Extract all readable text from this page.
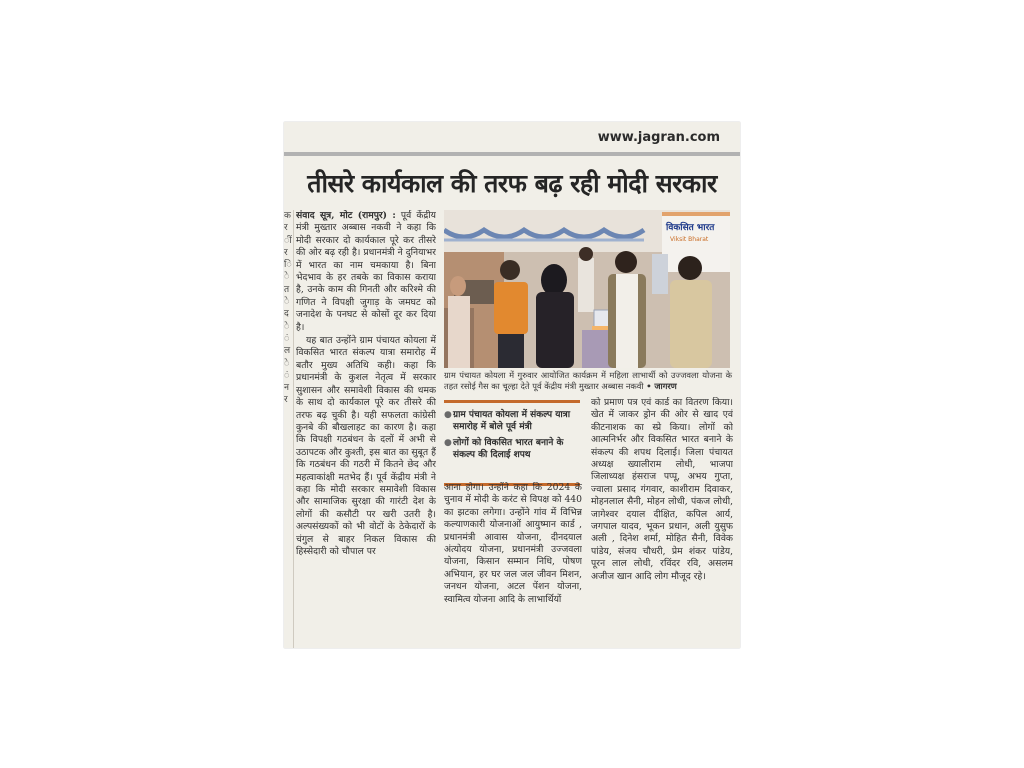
www.jagran.com
तीसरे कार्यकाल की तरफ बढ़ रही मोदी सरकार
क
र
ीं
र
ि
े
त
े
द
े
ं
ल
े
ं
न
र

संवाद सूत्र, मोट (रामपुर) : पूर्व केंद्रीय मंत्री मुख्तार अब्बास नकवी ने कहा कि मोदी सरकार दो कार्यकाल पूरे कर तीसरे की ओर बढ़ रही है। प्रधानमंत्री ने दुनियाभर में भारत का नाम चमकाया है। बिना भेदभाव के हर तबके का विकास कराया है, उनके काम की गिनती और करिश्मे की गणित ने विपक्षी जुगाड़ के जमघट को जनादेश के पनघट से कोसों दूर कर दिया है।

यह बात उन्होंने ग्राम पंचायत कोयला में विकसित भारत संकल्प यात्रा समारोह में बतौर मुख्य अतिथि कही। कहा कि प्रधानमंत्री के कुशल नेतृत्व में सरकार सुशासन और समावेशी विकास की धमक के साथ दो कार्यकाल पूरे कर तीसरे की तरफ बढ़ चुकी है। यही सफलता कांग्रेसी कुनबे की बौखलाहट का कारण है। कहा कि विपक्षी गठबंधन के दलों में अभी से उठापटक और कुश्ती, इस बात का सुबूत हैं कि गठबंधन की गठरी में कितने छेद और महत्वाकांक्षी मतभेद हैं। पूर्व केंद्रीय मंत्री ने कहा कि मोदी सरकार समावेशी विकास और सामाजिक सुरक्षा की गारंटी देश के लोगों की कसौटी पर खरी उतरी है। अल्पसंख्यकों को भी वोटों के ठेकेदारों के चंगुल से बाहर निकल विकास की हिस्सेदारी को चौपाल पर

विकसित भारत
Viksit Bharat
ग्राम पंचायत कोयला में गुरुवार आयोजित कार्यक्रम में महिला लाभार्थी को उज्जवला योजना के तहत रसोई गैस का चूल्हा देते पूर्व केंद्रीय मंत्री मुख्तार अब्बास नकवी • जागरण
● ग्राम पंचायत कोयला में संकल्प यात्रा समारोह में बोले पूर्व मंत्री
● लोगों को विकसित भारत बनाने के संकल्प की दिलाई शपथ

आना होगा। उन्होंने कहा कि 2024 के चुनाव में मोदी के करंट से विपक्ष को 440 का झटका लगेगा। उन्होंने गांव में विभिन्न कल्याणकारी योजनाओं आयुष्मान कार्ड , प्रधानमंत्री आवास योजना, दीनदयाल अंत्योदय योजना, प्रधानमंत्री उज्जवला योजना, किसान सम्मान निधि, पोषण अभियान, हर घर जल जल जीवन मिशन, जनधन योजना, अटल पेंशन योजना, स्वामित्व योजना आदि के लाभार्थियों

को प्रमाण पत्र एवं कार्ड का वितरण किया। खेत में जाकर ड्रोन की ओर से खाद एवं कीटनाशक का स्प्रे किया। लोगों को आत्मनिर्भर और विकसित भारत बनाने के संकल्प की शपथ दिलाई। जिला पंचायत अध्यक्ष ख्यालीराम लोधी, भाजपा जिलाध्यक्ष हंसराज पप्पू, अभय गुप्ता, ज्वाला प्रसाद गंगवार, काशीराम दिवाकर, मोहनलाल सैनी, मोहन लोधी, पंकज लोधी, जागेश्वर दयाल दीक्षित, कपिल आर्य, जगपाल यादव, भूकन प्रधान, अली युसुफ अली , दिनेश शर्मा, मोहित सैनी, विवेक पांडेय, संजय चौधरी, प्रेम शंकर पांडेय, पूरन लाल लोधी, रविंदर रवि, असलम अजीज खान आदि लोग मौजूद रहे।
